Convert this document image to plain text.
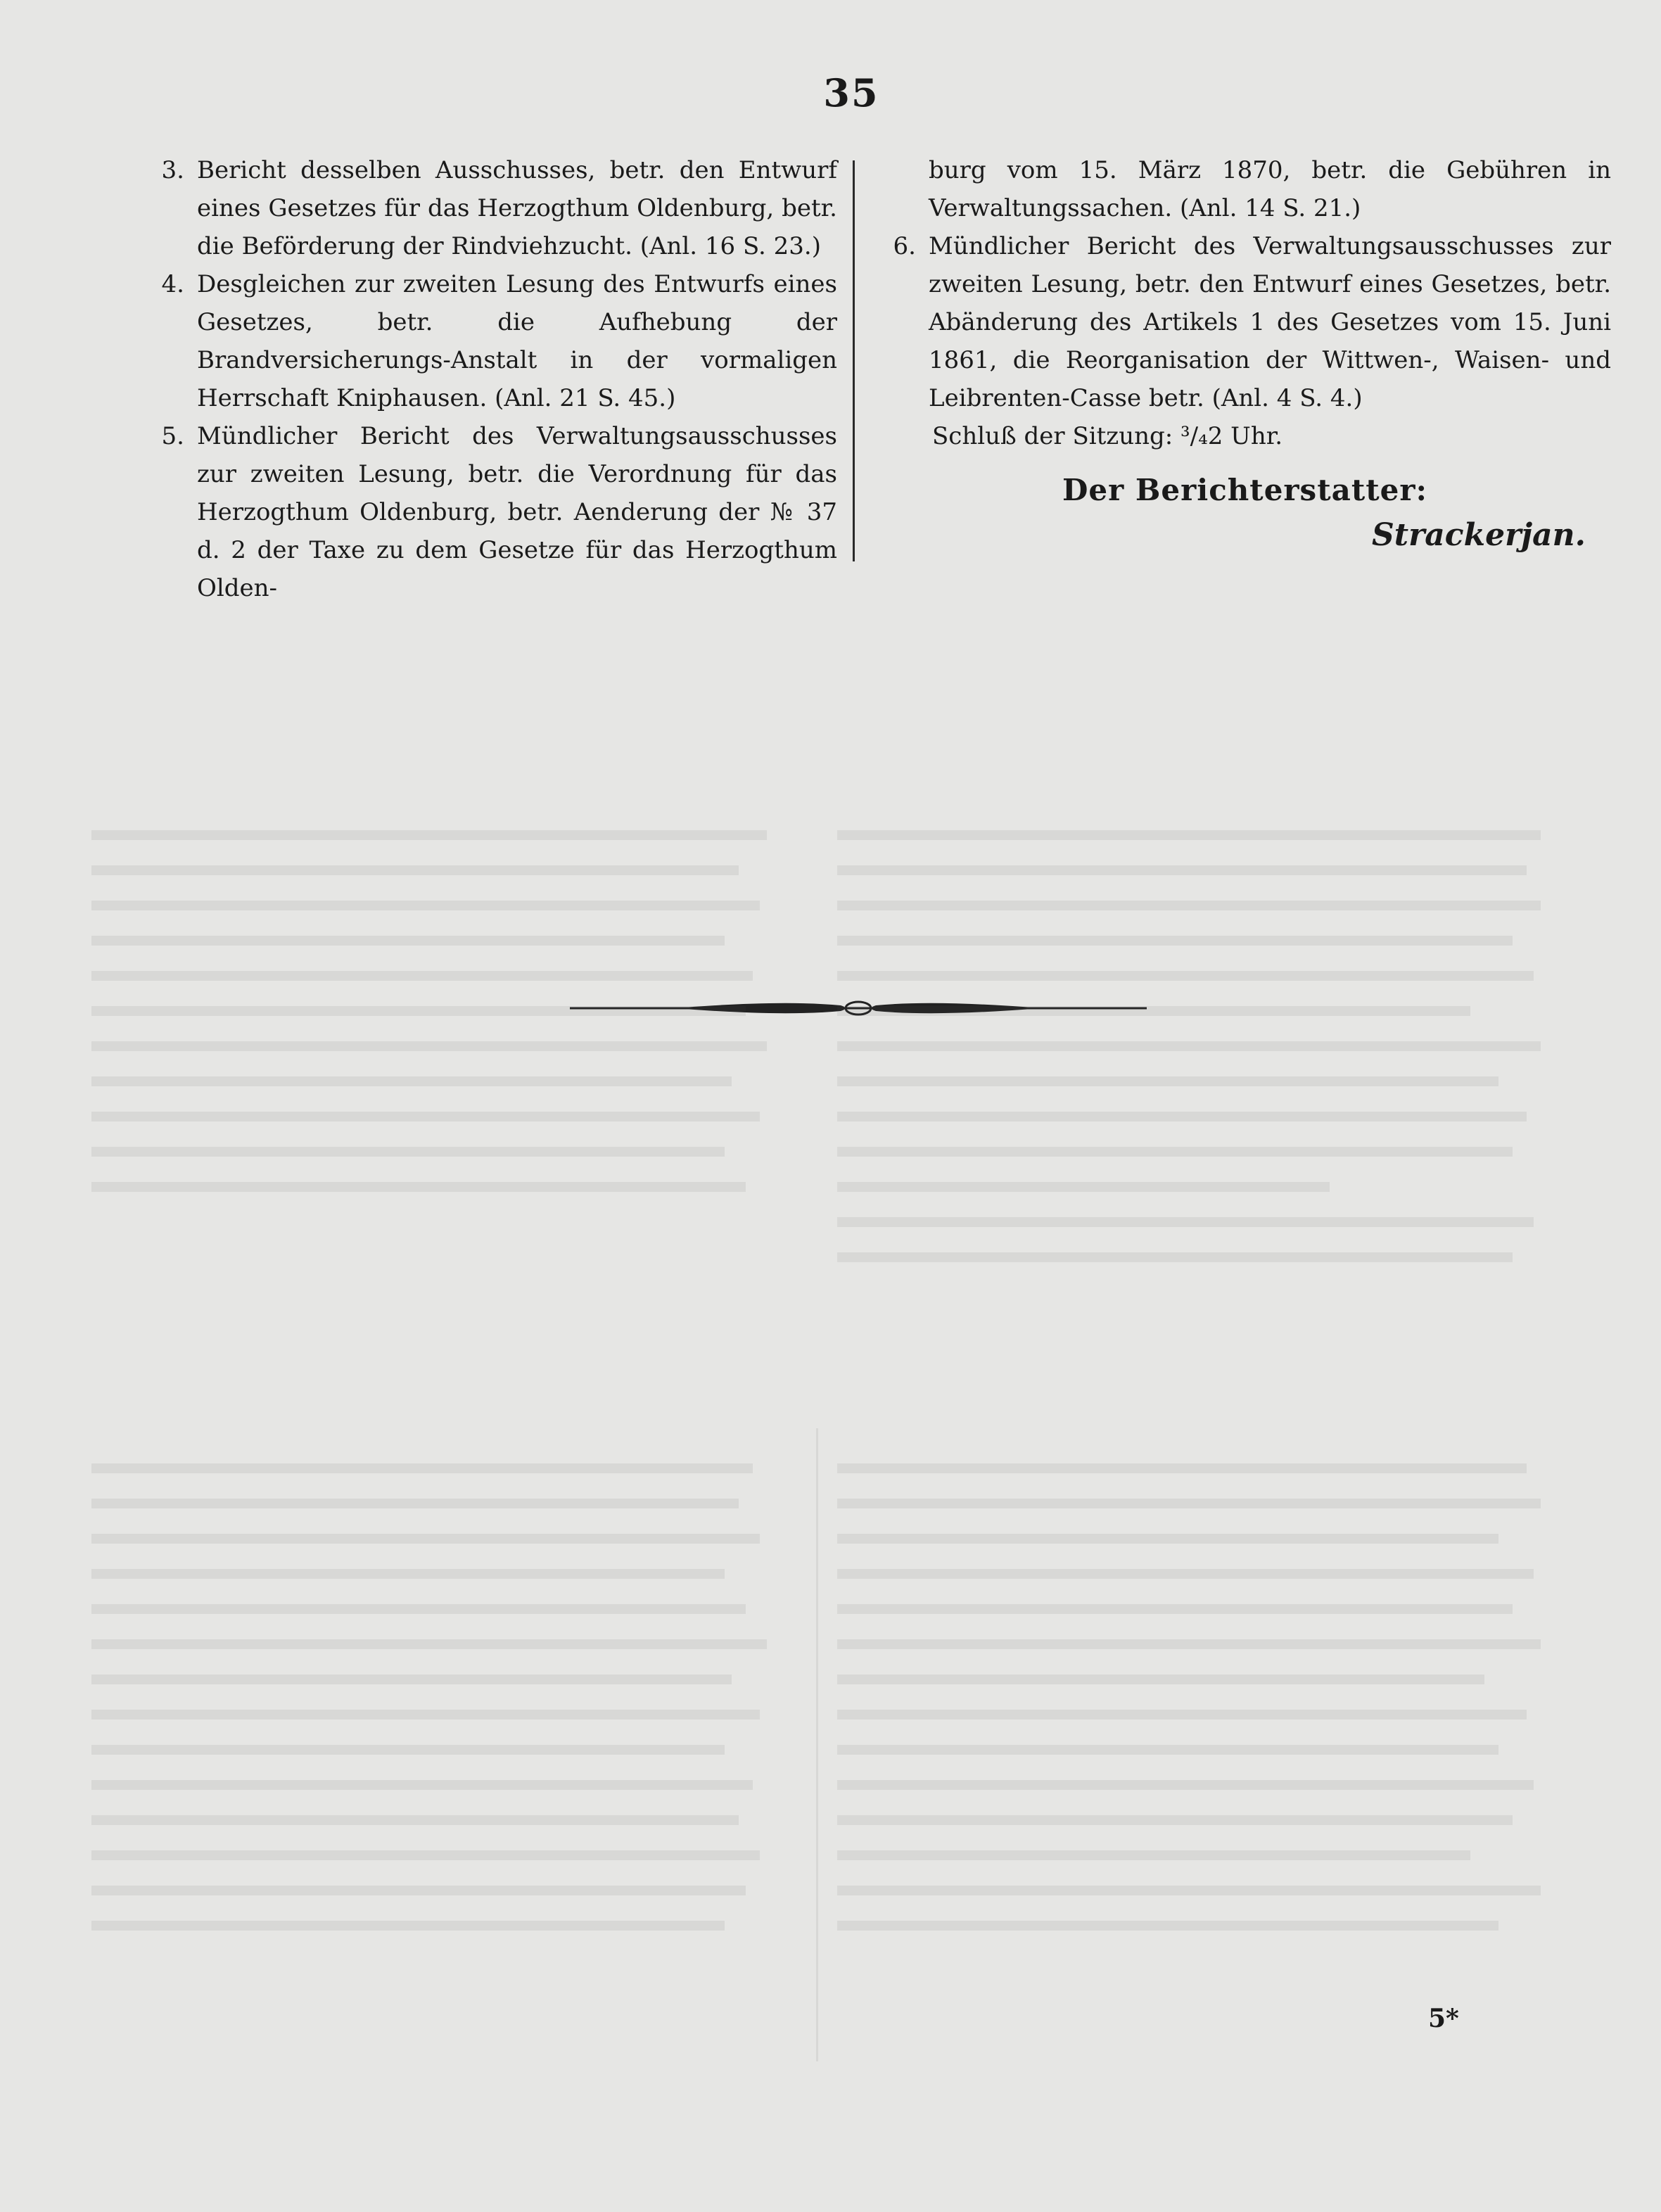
35

3. Bericht desselben Ausschusses, betr. den Entwurf eines Gesetzes für das Herzogthum Oldenburg, betr. die Beförderung der Rindviehzucht. (Anl. 16 S. 23.)

4. Desgleichen zur zweiten Lesung des Entwurfs eines Gesetzes, betr. die Aufhebung der Brandversicherungs-Anstalt in der vormaligen Herrschaft Kniphausen. (Anl. 21 S. 45.)

5. Mündlicher Bericht des Verwaltungsausschusses zur zweiten Lesung, betr. die Verordnung für das Herzogthum Oldenburg, betr. Aenderung der № 37 d. 2 der Taxe zu dem Gesetze für das Herzogthum Olden-

burg vom 15. März 1870, betr. die Gebühren in Verwaltungssachen. (Anl. 14 S. 21.)

6. Mündlicher Bericht des Verwaltungsausschusses zur zweiten Lesung, betr. den Entwurf eines Gesetzes, betr. Abänderung des Artikels 1 des Gesetzes vom 15. Juni 1861, die Reorganisation der Wittwen-, Waisen- und Leibrenten-Casse betr. (Anl. 4 S. 4.)

Schluß der Sitzung: ³/₄2 Uhr.

Der Berichterstatter:
Strackerjan.
5*
